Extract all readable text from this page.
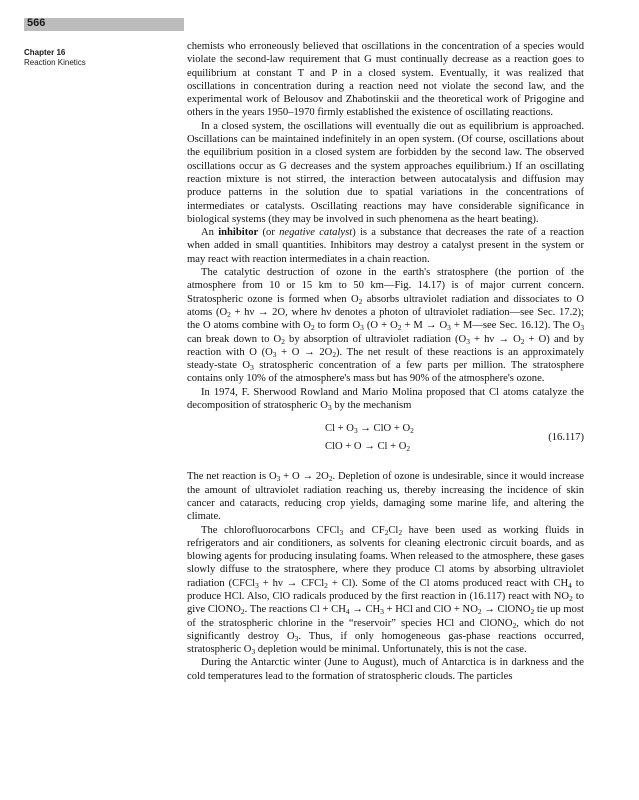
566
Chapter 16
Reaction Kinetics

chemists who erroneously believed that oscillations in the concentration of a species would violate the second-law requirement that G must continually decrease as a reaction goes to equilibrium at constant T and P in a closed system. Eventually, it was realized that oscillations in concentration during a reaction need not violate the second law, and the experimental work of Belousov and Zhabotinskii and the theoretical work of Prigogine and others in the years 1950–1970 firmly established the existence of oscillating reactions.

In a closed system, the oscillations will eventually die out as equilibrium is approached. Oscillations can be maintained indefinitely in an open system. (Of course, oscillations about the equilibrium position in a closed system are forbidden by the second law. The observed oscillations occur as G decreases and the system approaches equilibrium.) If an oscillating reaction mixture is not stirred, the interaction between autocatalysis and diffusion may produce patterns in the solution due to spatial variations in the concentrations of intermediates or catalysts. Oscillating reactions may have considerable significance in biological systems (they may be involved in such phenomena as the heart beating).

An inhibitor (or negative catalyst) is a substance that decreases the rate of a reaction when added in small quantities. Inhibitors may destroy a catalyst present in the system or may react with reaction intermediates in a chain reaction.

The catalytic destruction of ozone in the earth's stratosphere (the portion of the atmosphere from 10 or 15 km to 50 km—Fig. 14.17) is of major current concern. Stratospheric ozone is formed when $O_2$ absorbs ultraviolet radiation and dissociates to O atoms ($O_2 + h\nu \to 2O$, where hν denotes a photon of ultraviolet radiation—see Sec. 17.2); the O atoms combine with $O_2$ to form $O_3$ ($O + O_2 + M \to O_3$ + M—see Sec. 16.12). The $O_3$ can break down to $O_2$ by absorption of ultraviolet radiation $(O_3 + h\nu \to O_2 + O)$ and by reaction with O $(O_3 + O \to 2O_2)$. The net result of these reactions is an approximately steady-state $O_3$ stratospheric concentration of a few parts per million. The stratosphere contains only 10% of the atmosphere's mass but has 90% of the atmosphere's ozone.

In 1974, F. Sherwood Rowland and Mario Molina proposed that Cl atoms catalyze the decomposition of stratospheric $O_3$ by the mechanism

$Cl + O_3$ → ClO + $O_2$
ClO + $O \to Cl + O_2$
(16.117)

The net reaction is $O_3 + O \to 2O_2$. Depletion of ozone is undesirable, since it would increase the amount of ultraviolet radiation reaching us, thereby increasing the incidence of skin cancer and cataracts, reducing crop yields, damaging some marine life, and altering the climate.

The chlorofluorocarbons CFCl$_3$ and $CF_2Cl_2$ have been used as working fluids in refrigerators and air conditioners, as solvents for cleaning electronic circuit boards, and as blowing agents for producing insulating foams. When released to the atmosphere, these gases slowly diffuse to the stratosphere, where they produce Cl atoms by absorbing ultraviolet radiation (CFCl$_3$ + hν → CFCl$_2$ + Cl). Some of the Cl atoms produced react with $CH_4$ to produce HCl. Also, ClO radicals produced by the first reaction in (16.117) react with $NO_2$ to give ClONO$_2$. The reactions $Cl + CH_4 \to CH_3$ + HCl and ClO + $NO_2$ → ClONO$_2$ tie up most of the stratospheric chlorine in the “reservoir” species HCl and ClONO$_2$, which do not significantly destroy $O_3$. Thus, if only homogeneous gas-phase reactions occurred, stratospheric $O_3$ depletion would be minimal. Unfortunately, this is not the case.

During the Antarctic winter (June to August), much of Antarctica is in darkness and the cold temperatures lead to the formation of stratospheric clouds. The particles
